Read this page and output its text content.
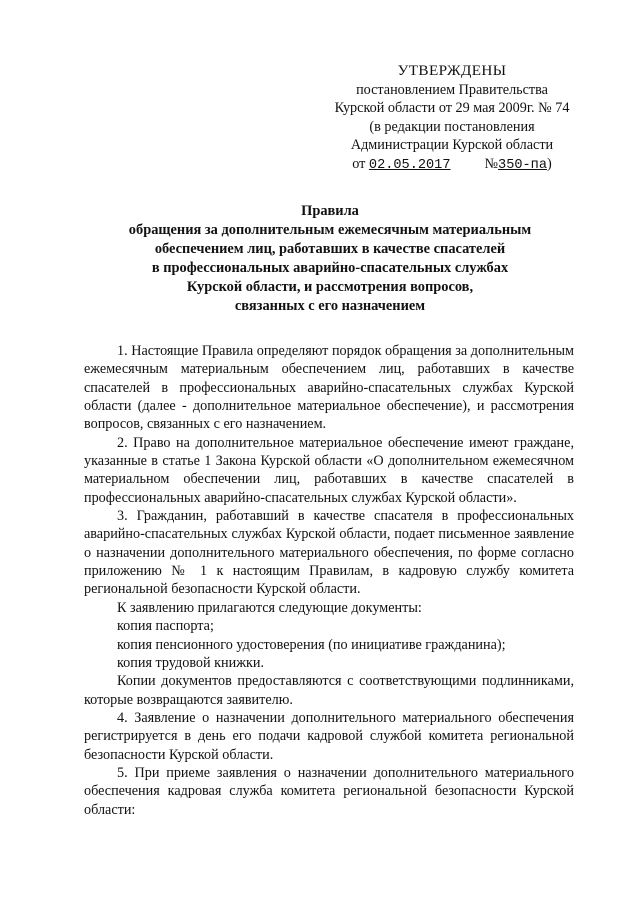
УТВЕРЖДЕНЫ
постановлением Правительства
Курской области от 29 мая 2009г. № 74
(в редакции постановления
Администрации Курской области
от 02.05.2017 №350-па)
Правила
обращения за дополнительным ежемесячным материальным
обеспечением лиц, работавших в качестве спасателей
в профессиональных аварийно-спасательных службах
Курской области, и рассмотрения вопросов,
связанных с его назначением

1. Настоящие Правила определяют порядок обращения за дополнительным ежемесячным материальным обеспечением лиц, работавших в качестве спасателей в профессиональных аварийно-спасательных службах Курской области (далее - дополнительное материальное обеспечение), и рассмотрения вопросов, связанных с его назначением.

2. Право на дополнительное материальное обеспечение имеют граждане, указанные в статье 1 Закона Курской области «О дополнительном ежемесячном материальном обеспечении лиц, работавших в качестве спасателей в профессиональных аварийно-спасательных службах Курской области».

3. Гражданин, работавший в качестве спасателя в профессиональных аварийно-спасательных службах Курской области, подает письменное заявление о назначении дополнительного материального обеспечения, по форме согласно приложению № 1 к настоящим Правилам, в кадровую службу комитета региональной безопасности Курской области.

К заявлению прилагаются следующие документы:

копия паспорта;

копия пенсионного удостоверения (по инициативе гражданина);

копия трудовой книжки.

Копии документов предоставляются с соответствующими подлинниками, которые возвращаются заявителю.

4. Заявление о назначении дополнительного материального обеспечения регистрируется в день его подачи кадровой службой комитета региональной безопасности Курской области.

5. При приеме заявления о назначении дополнительного материального обеспечения кадровая служба комитета региональной безопасности Курской области:
